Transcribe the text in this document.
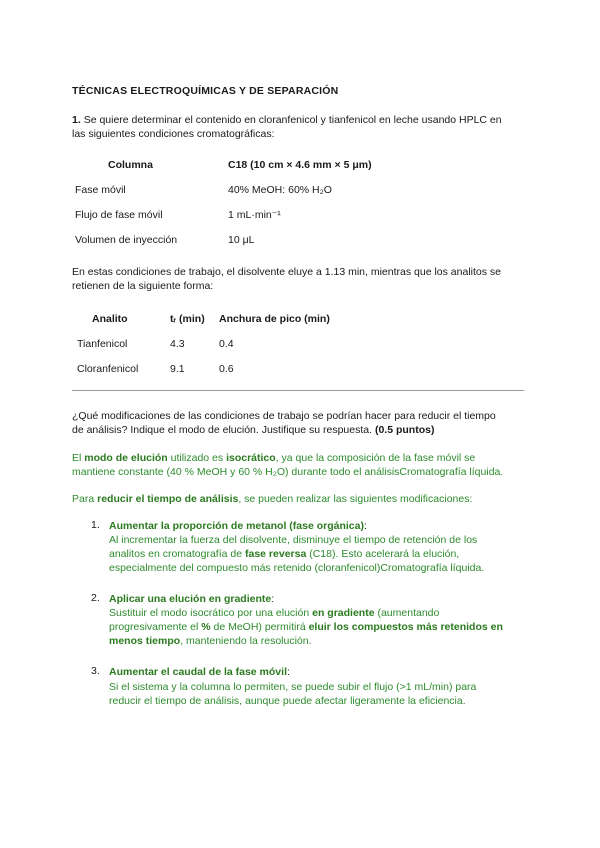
TÉCNICAS ELECTROQUÍMICAS Y DE SEPARACIÓN
1. Se quiere determinar el contenido en cloranfenicol y tianfenicol en leche usando HPLC en
las siguientes condiciones cromatográficas:
Columna	C18 (10 cm × 4.6 mm × 5 μm)
Fase móvil	40% MeOH: 60% H₂O
Flujo de fase móvil	1 mL·min⁻¹
Volumen de inyección	10 μL
En estas condiciones de trabajo, el disolvente eluye a 1.13 min, mientras que los analitos se
retienen de la siguiente forma:
Analito	tᵣ (min)	Anchura de pico (min)
Tianfenicol	4.3	0.4
Cloranfenicol	9.1	0.6
¿Qué modificaciones de las condiciones de trabajo se podrían hacer para reducir el tiempo
de análisis? Indique el modo de elución. Justifique su respuesta. (0.5 puntos)
El modo de elución utilizado es isocrático, ya que la composición de la fase móvil se
mantiene constante (40 % MeOH y 60 % H₂O) durante todo el análisisCromatografía líquida.
Para reducir el tiempo de análisis, se pueden realizar las siguientes modificaciones:
1. Aumentar la proporción de metanol (fase orgánica):
Al incrementar la fuerza del disolvente, disminuye el tiempo de retención de los
analitos en cromatografía de fase reversa (C18). Esto acelerará la elución,
especialmente del compuesto más retenido (cloranfenicol)Cromatografía líquida.
2. Aplicar una elución en gradiente:
Sustituir el modo isocrático por una elución en gradiente (aumentando
progresivamente el % de MeOH) permitirá eluir los compuestos más retenidos en
menos tiempo, manteniendo la resolución.
3. Aumentar el caudal de la fase móvil:
Si el sistema y la columna lo permiten, se puede subir el flujo (>1 mL/min) para
reducir el tiempo de análisis, aunque puede afectar ligeramente la eficiencia.
